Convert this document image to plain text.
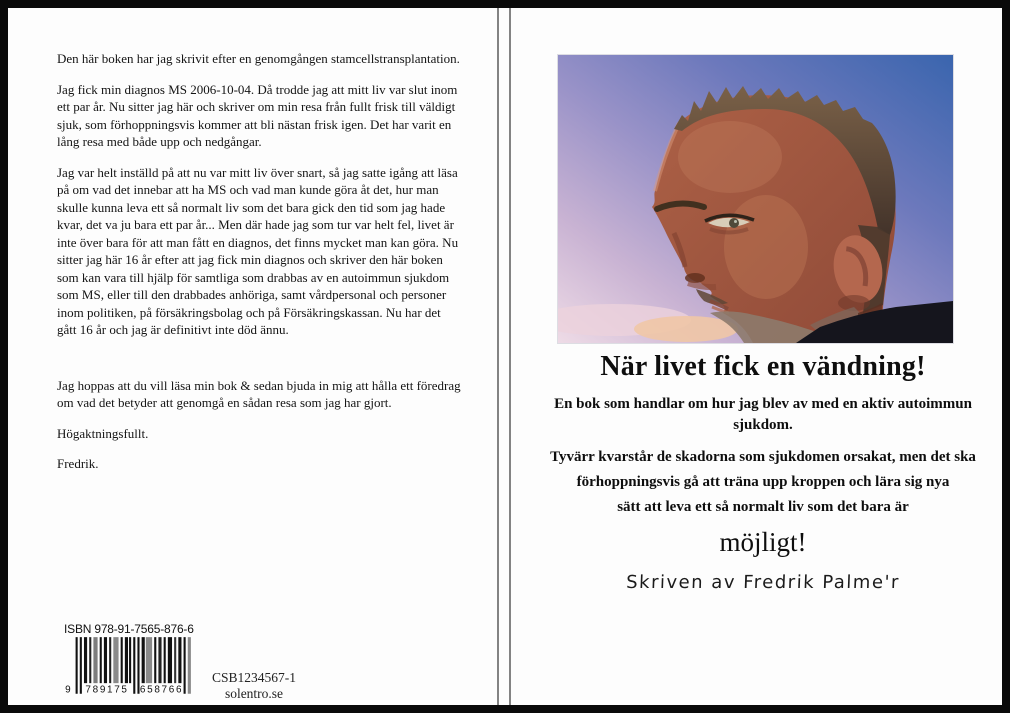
Den här boken har jag skrivit efter en genomgången stamcellstransplantation.

Jag fick min diagnos MS 2006-10-04. Då trodde jag att mitt liv var slut inom ett par år. Nu sitter jag här och skriver om min resa från fullt frisk till väldigt sjuk, som förhoppningsvis kommer att bli nästan frisk igen. Det har varit en lång resa med både upp och nedgångar.

Jag var helt inställd på att nu var mitt liv över snart, så jag satte igång att läsa på om vad det innebar att ha MS och vad man kunde göra åt det, hur man skulle kunna leva ett så normalt liv som det bara gick den tid som jag hade kvar, det va ju bara ett par år... Men där hade jag som tur var helt fel, livet är inte över bara för att man fått en diagnos, det finns mycket man kan göra. Nu sitter jag här 16 år efter att jag fick min diagnos och skriver den här boken som kan vara till hjälp för samtliga som drabbas av en autoimmun sjukdom som MS, eller till den drabbades anhöriga, samt vårdpersonal och personer inom politiken, på försäkringsbolag och på Försäkringskassan. Nu har det gått 16 år och jag är definitivt inte död ännu.

Jag hoppas att du vill läsa min bok & sedan bjuda in mig att hålla ett föredrag om vad det betyder att genomgå en sådan resa som jag har gjort.

Högaktningsfullt.

Fredrik.

ISBN 978-91-7565-876-6
9 789175 658766
CSB1234567-1
solentro.se
När livet fick en vändning!
En bok som handlar om hur jag blev av med en aktiv autoimmun
sjukdom.
Tyvärr kvarstår de skadorna som sjukdomen orsakat, men det ska
förhoppningsvis gå att träna upp kroppen och lära sig nya
sätt att leva ett så normalt liv som det bara är
möjligt!
Skriven av Fredrik Palme'r
